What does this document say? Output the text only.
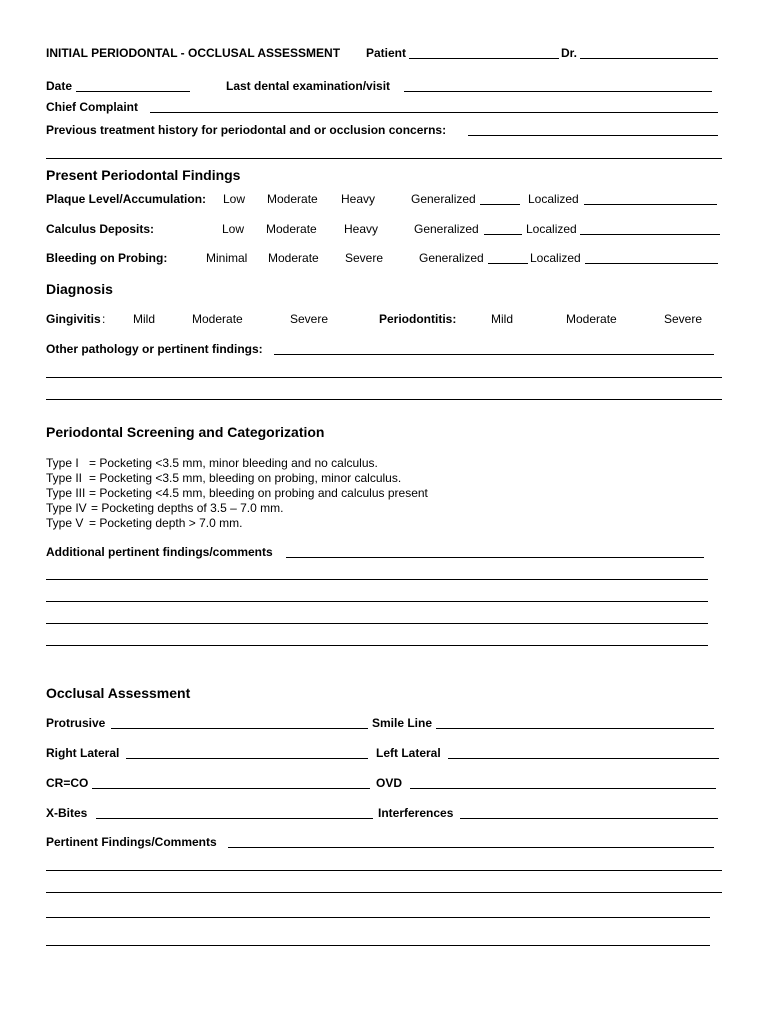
INITIAL PERIODONTAL - OCCLUSAL ASSESSMENT Patient	Dr.
Date	Last dental examination/visit
Chief Complaint
Previous treatment history for periodontal and or occlusion concerns:
Present Periodontal Findings
Plaque Level/Accumulation: Low Moderate Heavy	Generalized	Localized
Calculus Deposits:	Low Moderate Heavy	Generalized	Localized
Bleeding on Probing:	Minimal Moderate Severe	Generalized	Localized
Diagnosis
Gingivitis : Mild	Moderate	Severe	Periodontitis:	Mild	Moderate	Severe
Other pathology or pertinent findings:
Periodontal Screening and Categorization
Type I = Pocketing <3.5 mm, minor bleeding and no calculus.
Type II = Pocketing <3.5 mm, bleeding on probing, minor calculus.
Type III = Pocketing <4.5 mm, bleeding on probing and calculus present
Type IV = Pocketing depths of 3.5 – 7.0 mm.
Type V = Pocketing depth > 7.0 mm.
Additional pertinent findings/comments
Occlusal Assessment
Protrusive	Smile Line
Right Lateral	Left Lateral
CR=CO	OVD
X-Bites	Interferences
Pertinent Findings/Comments
